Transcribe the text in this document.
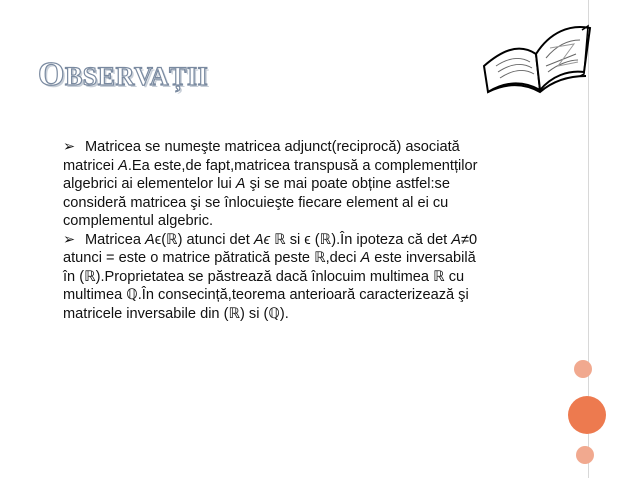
OBSERVAȚII

➢ Matricea se numeşte matricea adjunct(reciprocă) asociată matricei A.Ea este,de fapt,matricea transpusă a complementților algebrici ai elementelor lui A şi se mai poate obține astfel:se consideră matricea şi se înlocuieşte fiecare element al ei cu complementul algebric.

➢ Matricea Aϵ(ℝ) atunci det Aϵ ℝ si ϵ (ℝ).În ipoteza că det A≠0 atunci = este o matrice pătratică peste ℝ,deci A este inversabilă în (ℝ).Proprietatea se păstrează dacă înlocuim multimea ℝ cu multimea ℚ.În consecință,teorema anterioară caracterizează şi matricele inversabile din (ℝ) si (ℚ).
